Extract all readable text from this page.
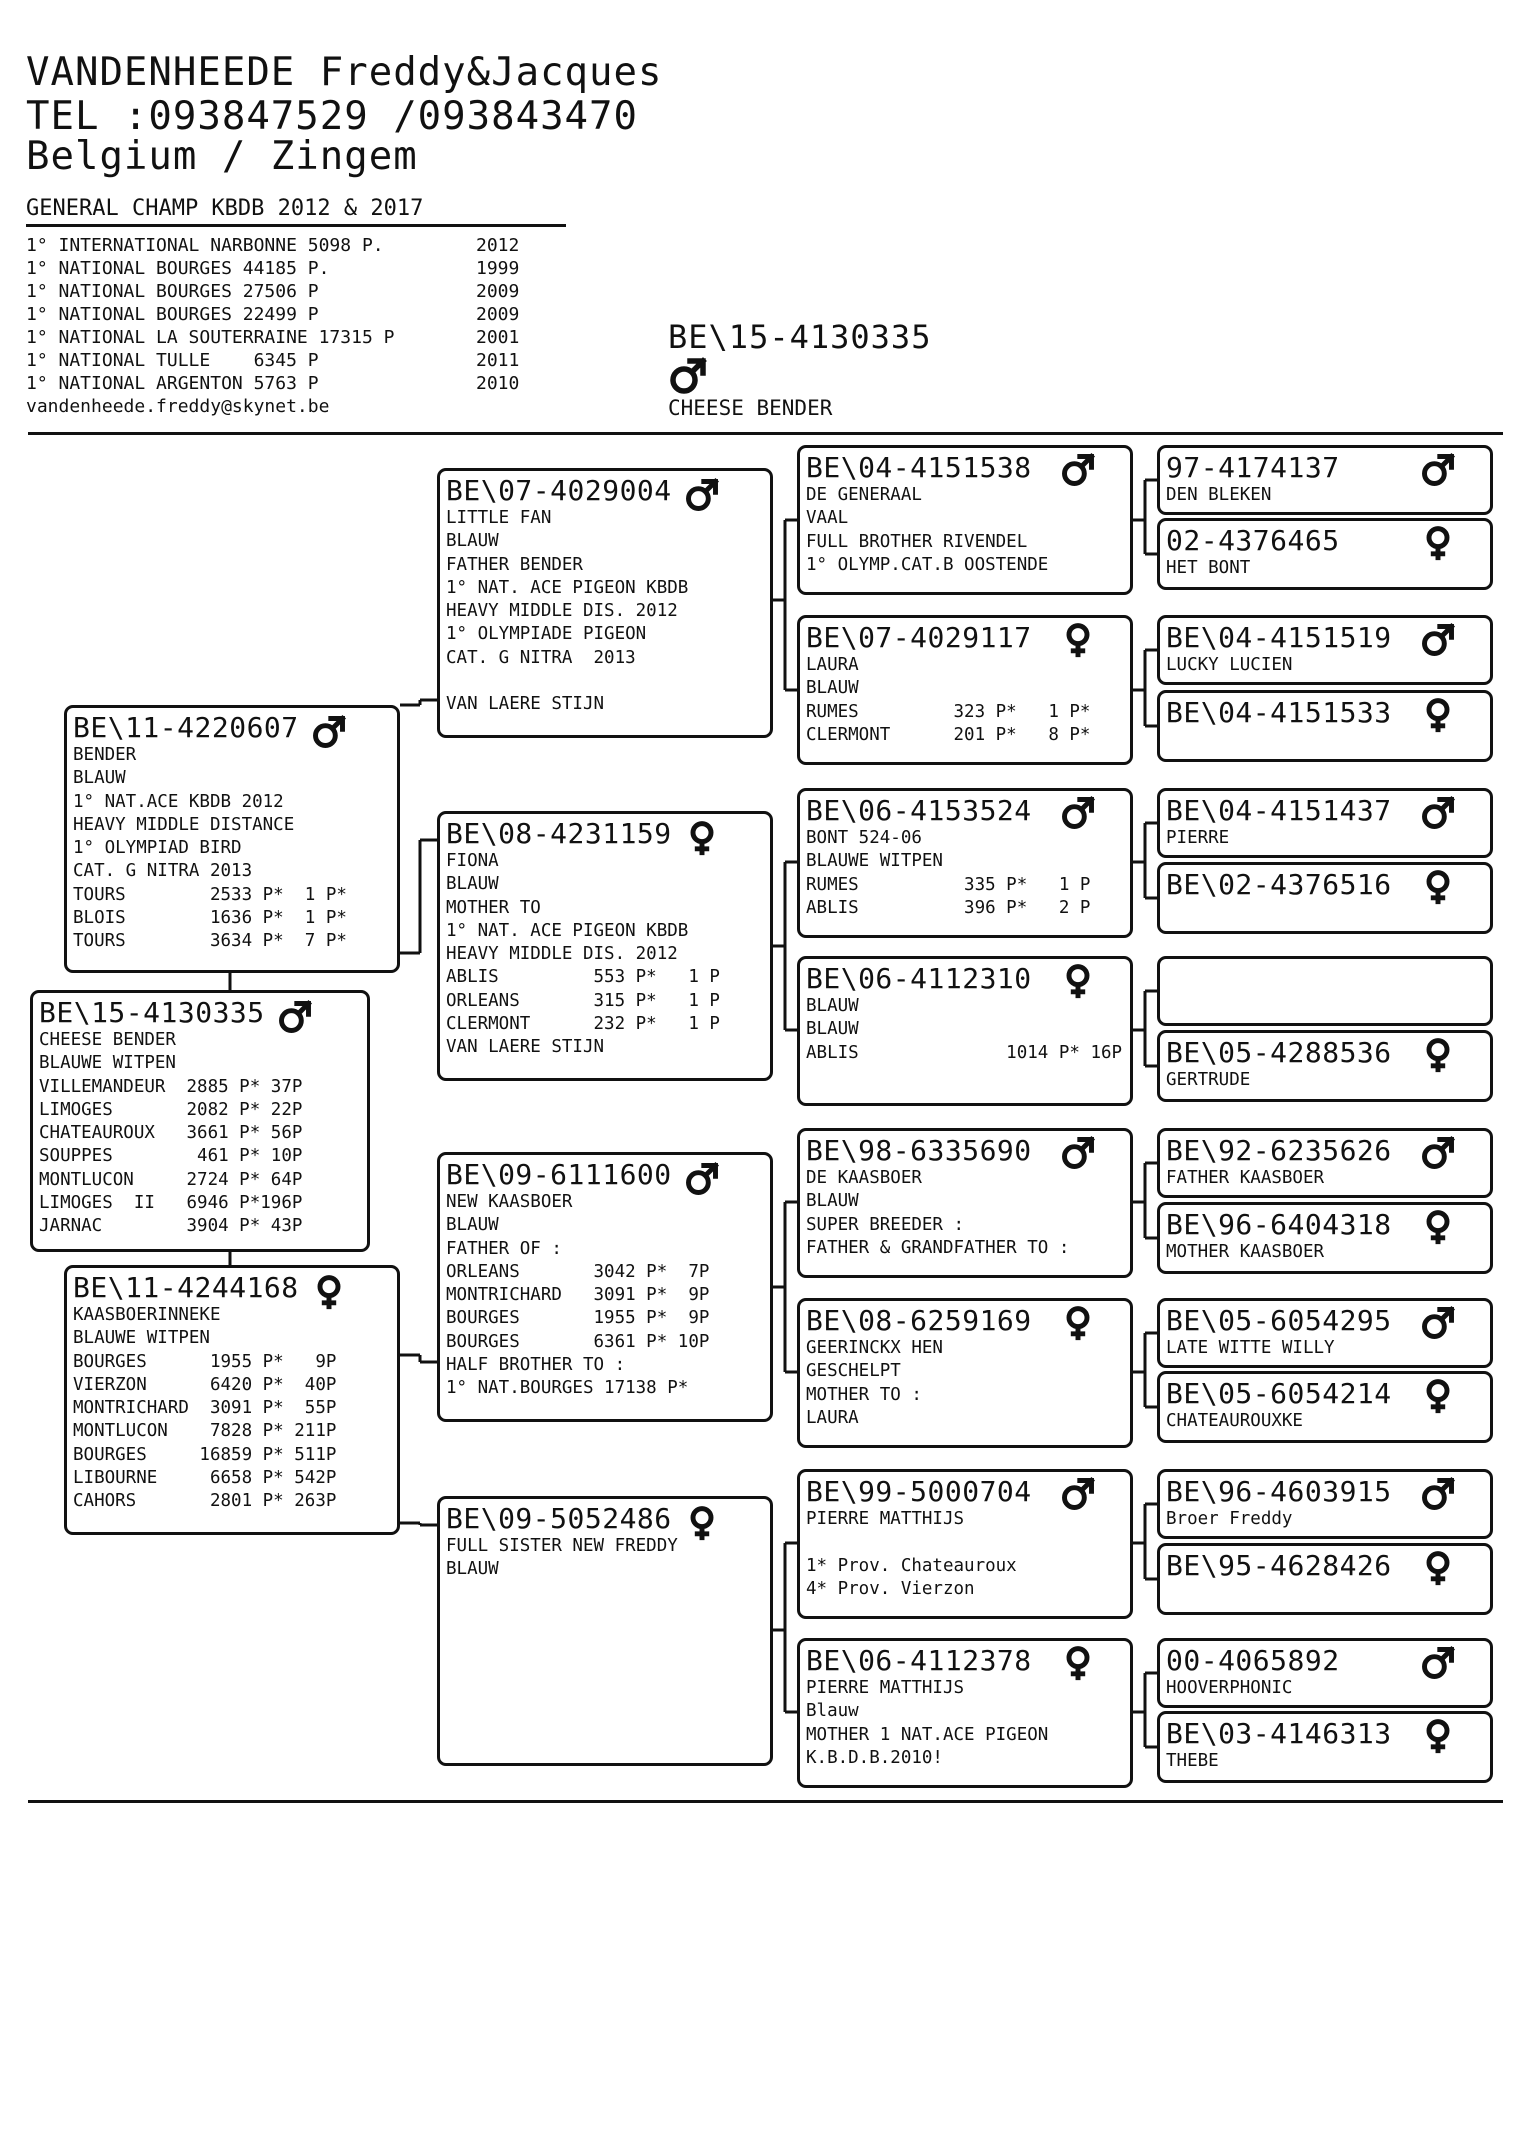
VANDENHEEDE Freddy&Jacques
TEL :093847529 /093843470
Belgium / Zingem
GENERAL CHAMP KBDB 2012 & 2017
1° INTERNATIONAL NARBONNE 5098 P.	2012
1° NATIONAL BOURGES 44185 P.	1999
1° NATIONAL BOURGES 27506 P	2009
1° NATIONAL BOURGES 22499 P	2009
1° NATIONAL LA SOUTERRAINE 17315 P	2001
1° NATIONAL TULLE    6345 P	2011
1° NATIONAL ARGENTON 5763 P	2010
vandenheede.freddy@skynet.be
BE\15-4130335
CHEESE BENDER
BE\15-4130335
CHEESE BENDER
BLAUWE WITPEN
VILLEMANDEUR  2885 P* 37P
LIMOGES       2082 P* 22P
CHATEAUROUX   3661 P* 56P
SOUPPES        461 P* 10P
MONTLUCON     2724 P* 64P
LIMOGES  II   6946 P*196P
JARNAC        3904 P* 43P
BE\11-4220607
BENDER
BLAUW
1° NAT.ACE KBDB 2012
HEAVY MIDDLE DISTANCE
1° OLYMPIAD BIRD
CAT. G NITRA 2013
TOURS        2533 P*  1 P*
BLOIS        1636 P*  1 P*
TOURS        3634 P*  7 P*
BE\11-4244168
KAASBOERINNEKE
BLAUWE WITPEN
BOURGES      1955 P*   9P
VIERZON      6420 P*  40P
MONTRICHARD  3091 P*  55P
MONTLUCON    7828 P* 211P
BOURGES     16859 P* 511P
LIBOURNE     6658 P* 542P
CAHORS       2801 P* 263P
BE\07-4029004
LITTLE FAN
BLAUW
FATHER BENDER
1° NAT. ACE PIGEON KBDB
HEAVY MIDDLE DIS. 2012
1° OLYMPIADE PIGEON
CAT. G NITRA  2013
VAN LAERE STIJN
BE\08-4231159
FIONA
BLAUW
MOTHER TO
1° NAT. ACE PIGEON KBDB
HEAVY MIDDLE DIS. 2012
ABLIS         553 P*   1 P
ORLEANS       315 P*   1 P
CLERMONT      232 P*   1 P
VAN LAERE STIJN
BE\09-6111600
NEW KAASBOER
BLAUW
FATHER OF :
ORLEANS       3042 P*  7P
MONTRICHARD   3091 P*  9P
BOURGES       1955 P*  9P
BOURGES       6361 P* 10P
HALF BROTHER TO :
1° NAT.BOURGES 17138 P*
BE\09-5052486
FULL SISTER NEW FREDDY
BLAUW
BE\04-4151538
DE GENERAAL
VAAL
FULL BROTHER RIVENDEL
1° OLYMP.CAT.B OOSTENDE
BE\07-4029117
LAURA
BLAUW
RUMES         323 P*   1 P*
CLERMONT      201 P*   8 P*
BE\06-4153524
BONT 524-06
BLAUWE WITPEN
RUMES          335 P*   1 P
ABLIS          396 P*   2 P
BE\06-4112310
BLAUW
BLAUW
ABLIS              1014 P* 16P
BE\98-6335690
DE KAASBOER
BLAUW
SUPER BREEDER :
FATHER & GRANDFATHER TO :
BE\08-6259169
GEERINCKX HEN
GESCHELPT
MOTHER TO :
LAURA
BE\99-5000704
PIERRE MATTHIJS
1* Prov. Chateauroux
4* Prov. Vierzon
BE\06-4112378
PIERRE MATTHIJS
Blauw
MOTHER 1 NAT.ACE PIGEON
K.B.D.B.2010!
97-4174137
DEN BLEKEN
02-4376465
HET BONT
BE\04-4151519
LUCKY LUCIEN
BE\04-4151533
BE\04-4151437
PIERRE
BE\02-4376516
BE\05-4288536
GERTRUDE
BE\92-6235626
FATHER KAASBOER
BE\96-6404318
MOTHER KAASBOER
BE\05-6054295
LATE WITTE WILLY
BE\05-6054214
CHATEAUROUXKE
BE\96-4603915
Broer Freddy
BE\95-4628426
00-4065892
HOOVERPHONIC
BE\03-4146313
THEBE
